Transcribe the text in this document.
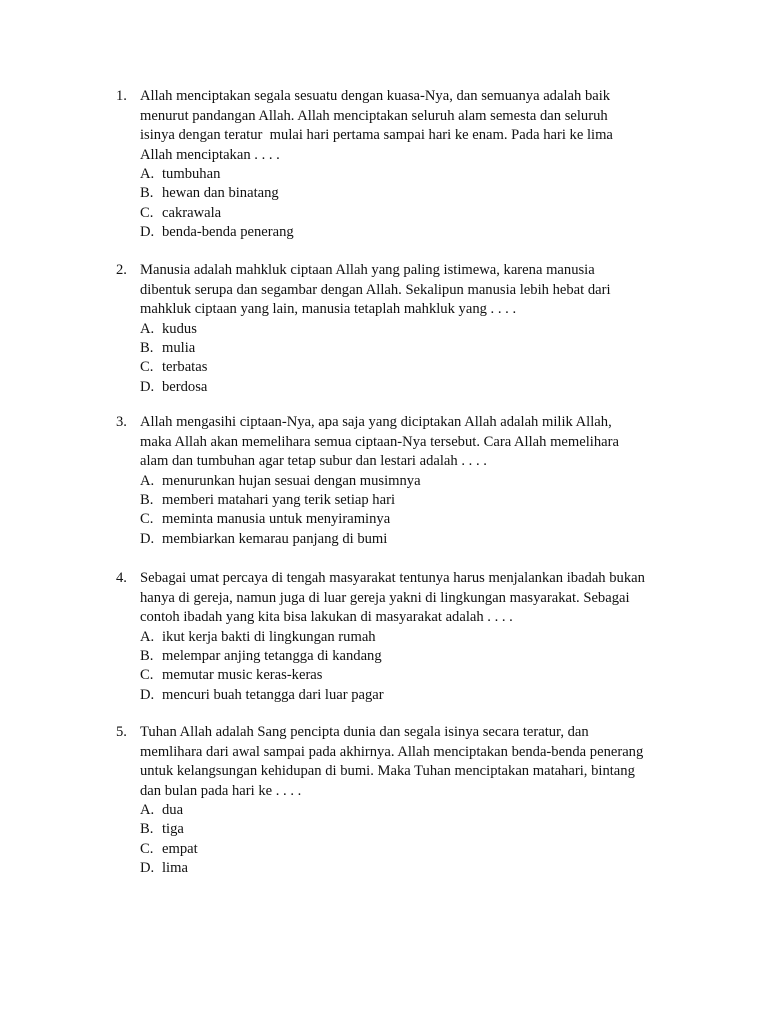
1. Allah menciptakan segala sesuatu dengan kuasa-Nya, dan semuanya adalah baik
menurut pandangan Allah. Allah menciptakan seluruh alam semesta dan seluruh
isinya dengan teratur  mulai hari pertama sampai hari ke enam. Pada hari ke lima
Allah menciptakan . . . .
A. tumbuhan
B. hewan dan binatang
C. cakrawala
D. benda-benda penerang
2. Manusia adalah mahkluk ciptaan Allah yang paling istimewa, karena manusia
dibentuk serupa dan segambar dengan Allah. Sekalipun manusia lebih hebat dari
mahkluk ciptaan yang lain, manusia tetaplah mahkluk yang . . . .
A. kudus
B. mulia
C. terbatas
D. berdosa
3. Allah mengasihi ciptaan-Nya, apa saja yang diciptakan Allah adalah milik Allah,
maka Allah akan memelihara semua ciptaan-Nya tersebut. Cara Allah memelihara
alam dan tumbuhan agar tetap subur dan lestari adalah . . . .
A. menurunkan hujan sesuai dengan musimnya
B. memberi matahari yang terik setiap hari
C. meminta manusia untuk menyiraminya
D. membiarkan kemarau panjang di bumi
4. Sebagai umat percaya di tengah masyarakat tentunya harus menjalankan ibadah bukan
hanya di gereja, namun juga di luar gereja yakni di lingkungan masyarakat. Sebagai
contoh ibadah yang kita bisa lakukan di masyarakat adalah . . . .
A. ikut kerja bakti di lingkungan rumah
B. melempar anjing tetangga di kandang
C. memutar music keras-keras
D. mencuri buah tetangga dari luar pagar
5. Tuhan Allah adalah Sang pencipta dunia dan segala isinya secara teratur, dan
memlihara dari awal sampai pada akhirnya. Allah menciptakan benda-benda penerang
untuk kelangsungan kehidupan di bumi. Maka Tuhan menciptakan matahari, bintang
dan bulan pada hari ke . . . .
A. dua
B. tiga
C. empat
D. lima
